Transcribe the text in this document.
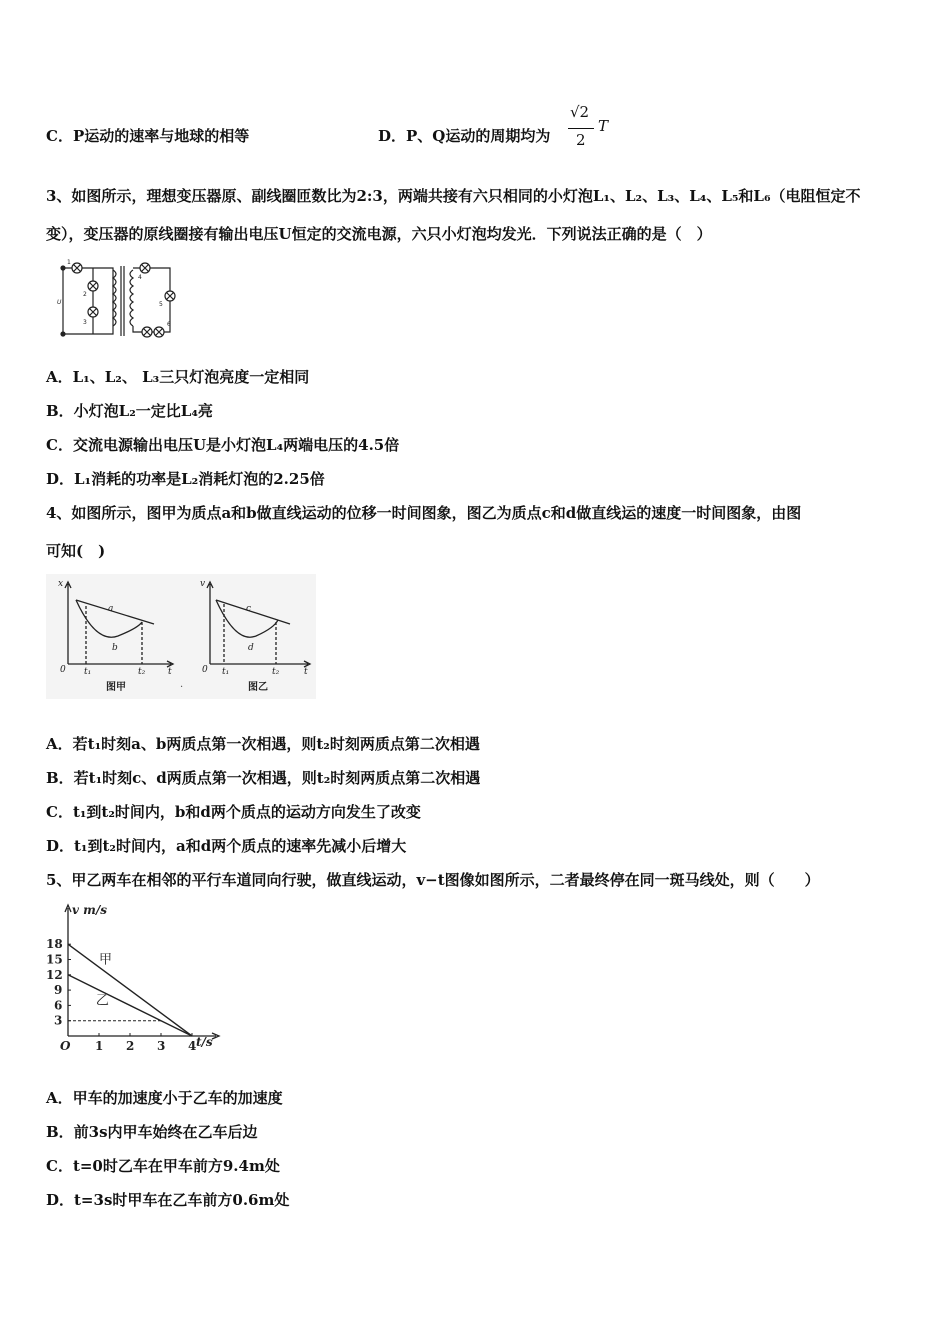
C．P运动的速率与地球的相等	D．P、Q运动的周期均为
√2
2
T
3、如图所示，理想变压器原、副线圈匝数比为2:3，两端共接有六只相同的小灯泡L₁、L₂、L₃、L₄、L₅和L₆（电阻恒定不
变），变压器的原线圈接有输出电压U恒定的交流电源，六只小灯泡均发光．下列说法正确的是（　）
1
2
3
4
5
6
U
A．L₁、L₂、 L₃三只灯泡亮度一定相同
B．小灯泡L₂一定比L₄亮
C．交流电源输出电压U是小灯泡L₄两端电压的4.5倍
D．L₁消耗的功率是L₂消耗灯泡的2.25倍
4、如图所示，图甲为质点a和b做直线运动的位移一时间图象，图乙为质点c和d做直线运的速度一时间图象，由图
可知(　)
x
0	t
t₁	t₂
a
b
图甲	·
v
0	t
t₁	t₂
c
d
图乙
A．若t₁时刻a、b两质点第一次相遇，则t₂时刻两质点第二次相遇
B．若t₁时刻c、d两质点第一次相遇，则t₂时刻两质点第二次相遇
C．t₁到t₂时间内，b和d两个质点的运动方向发生了改变
D．t₁到t₂时间内，a和d两个质点的速率先减小后增大
5、甲乙两车在相邻的平行车道同向行驶，做直线运动，v−t图像如图所示，二者最终停在同一斑马线处，则（　　）
1 2 3 4
3
6
9
12
15
18
甲
乙
v m/s
t/s
O
A．甲车的加速度小于乙车的加速度
B．前3s内甲车始终在乙车后边
C．t=0时乙车在甲车前方9.4m处
D．t=3s时甲车在乙车前方0.6m处
